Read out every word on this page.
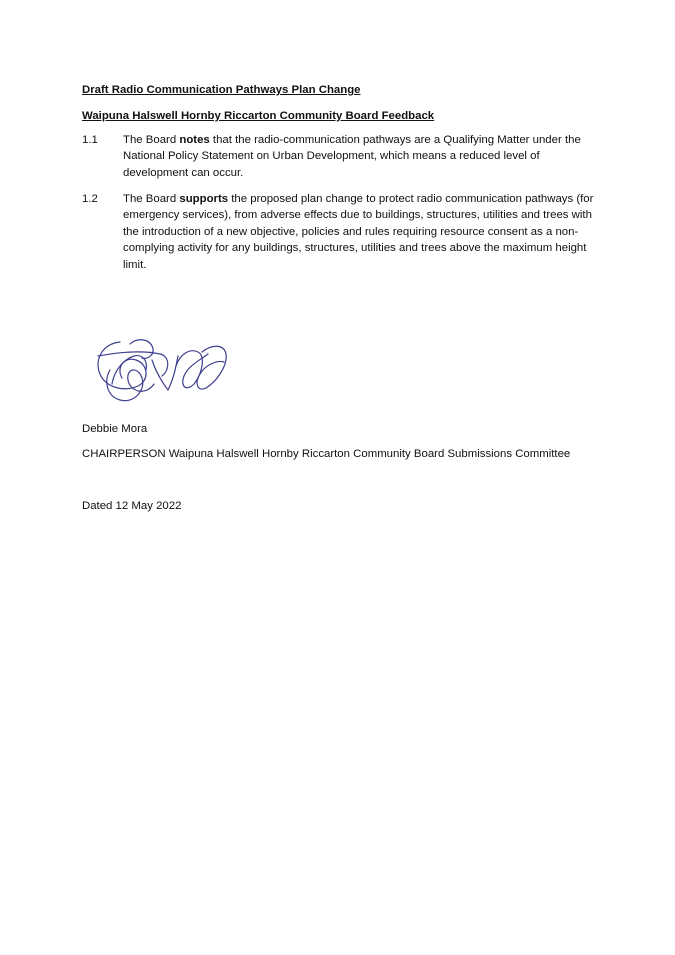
Draft Radio Communication Pathways Plan Change
Waipuna Halswell Hornby Riccarton Community Board Feedback
1.1 The Board notes that the radio-communication pathways are a Qualifying Matter under the National Policy Statement on Urban Development, which means a reduced level of development can occur.
1.2 The Board supports the proposed plan change to protect radio communication pathways (for emergency services), from adverse effects due to buildings, structures, utilities and trees with the introduction of a new objective, policies and rules requiring resource consent as a non-complying activity for any buildings, structures, utilities and trees above the maximum height limit.
Debbie Mora
CHAIRPERSON Waipuna Halswell Hornby Riccarton Community Board Submissions Committee
Dated 12 May 2022
